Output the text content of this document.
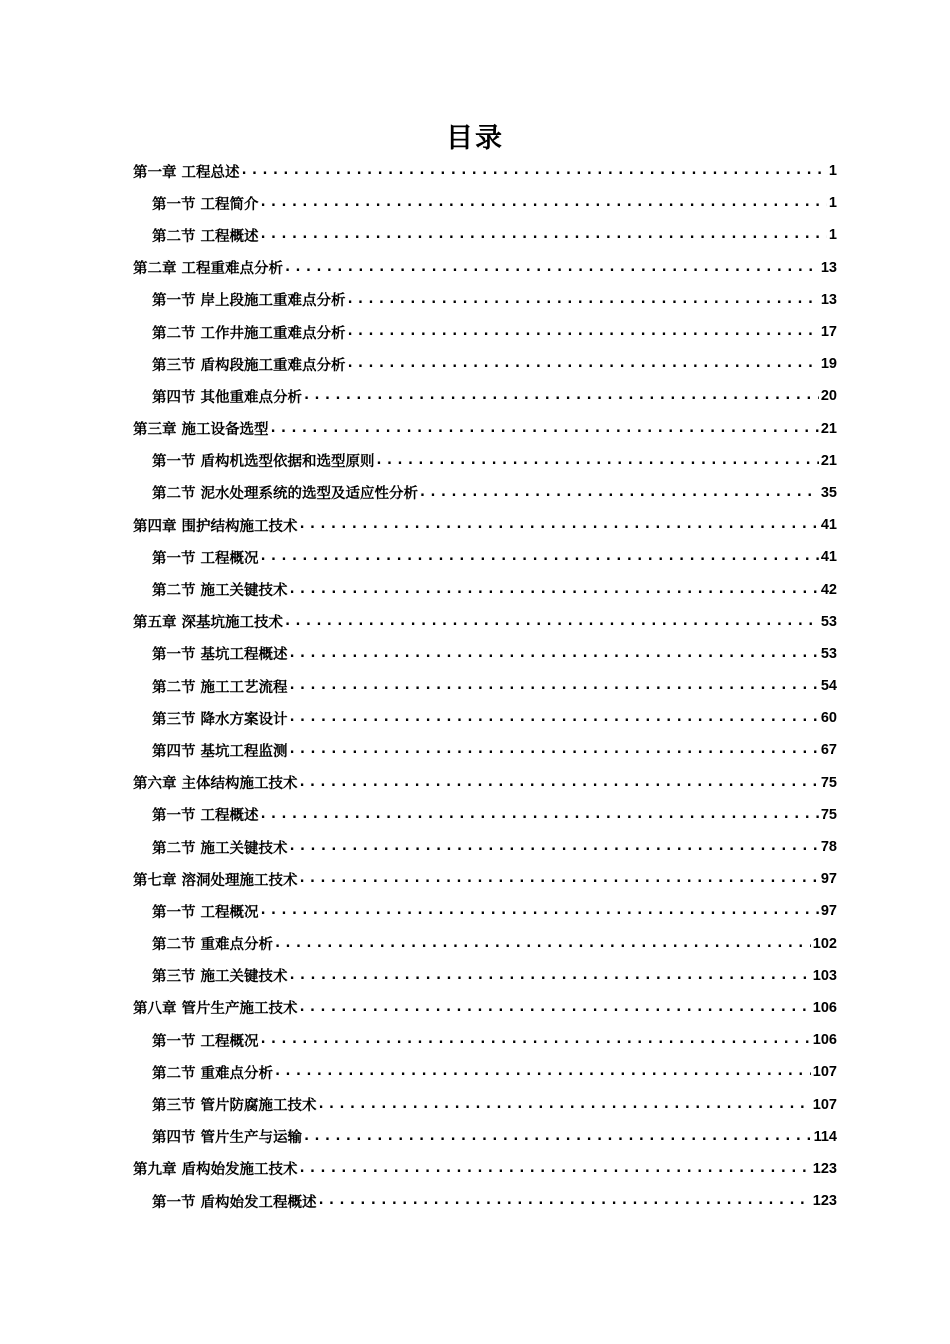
目录
第一章 工程总述 . . .	1
第一节 工程简介 . . .	1
第二节 工程概述 . . .	1
第二章 工程重难点分析 . . .	13
第一节 岸上段施工重难点分析 . . .	13
第二节 工作井施工重难点分析 . . .	17
第三节 盾构段施工重难点分析 . . .	19
第四节 其他重难点分析 . . .	20
第三章 施工设备选型 . . .	21
第一节 盾构机选型依据和选型原则 . . .	21
第二节 泥水处理系统的选型及适应性分析 . . .	35
第四章 围护结构施工技术 . . .	41
第一节 工程概况 . . .	41
第二节 施工关键技术 . . .	42
第五章 深基坑施工技术 . . .	53
第一节 基坑工程概述 . . .	53
第二节 施工工艺流程 . . .	54
第三节 降水方案设计 . . .	60
第四节 基坑工程监测 . . .	67
第六章 主体结构施工技术 . . .	75
第一节 工程概述 . . .	75
第二节 施工关键技术 . . .	78
第七章 溶洞处理施工技术 . . .	97
第一节 工程概况 . . .	97
第二节 重难点分析 . . .	102
第三节 施工关键技术 . . .	103
第八章 管片生产施工技术 . . .	106
第一节 工程概况 . . .	106
第二节 重难点分析 . . .	107
第三节 管片防腐施工技术 . . .	107
第四节 管片生产与运输 . . .	114
第九章 盾构始发施工技术 . . .	123
第一节 盾构始发工程概述 . . .	123
